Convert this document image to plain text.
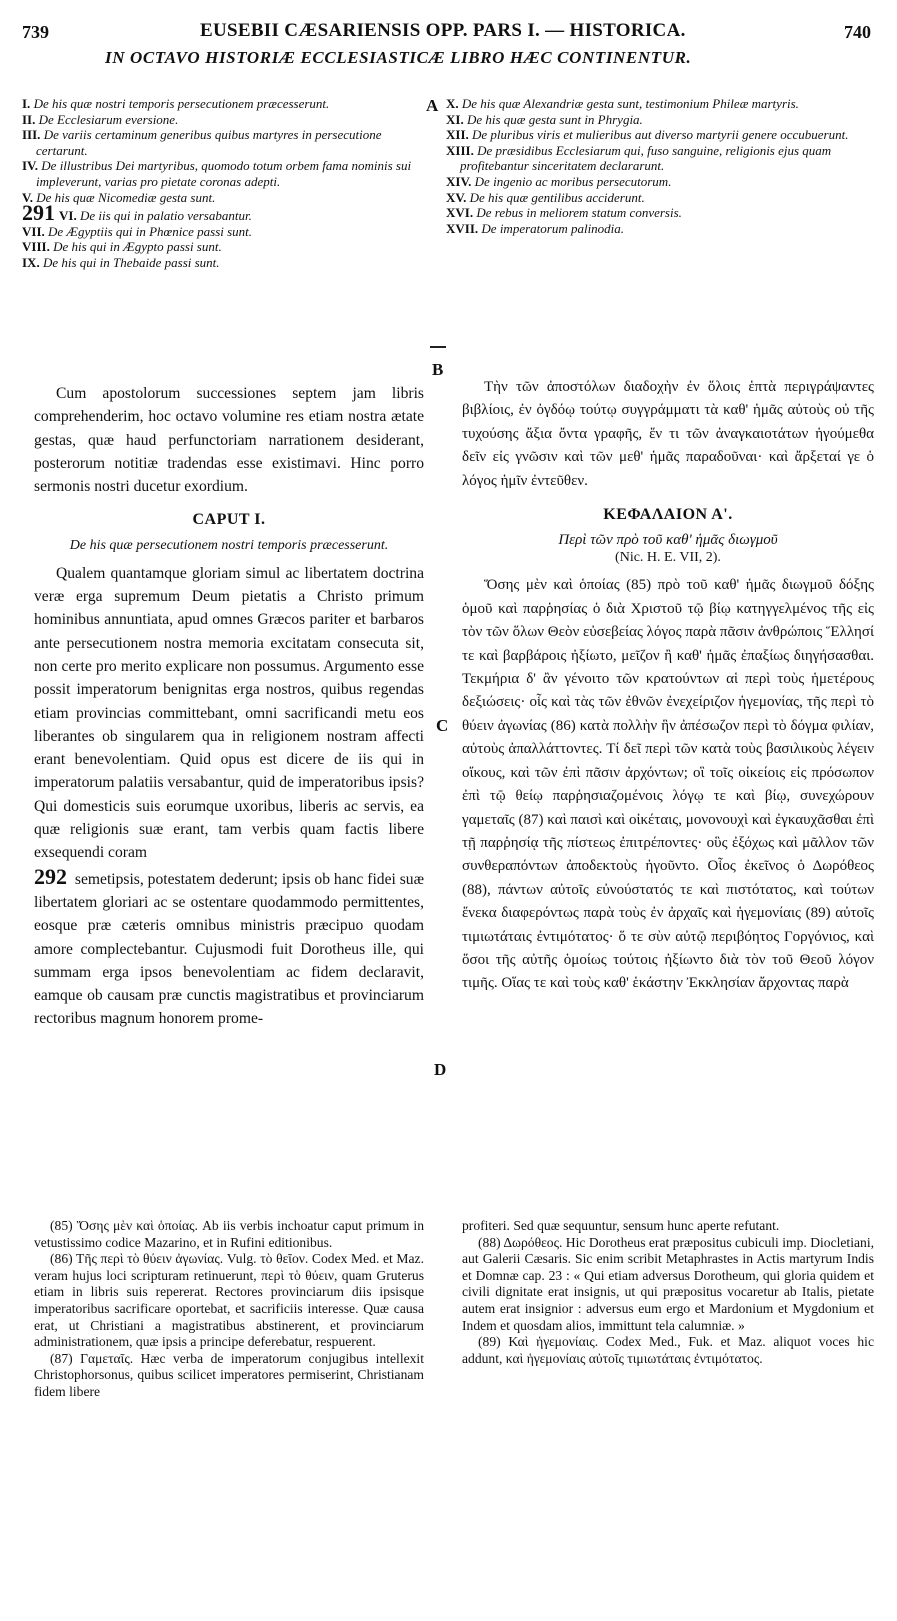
739	EUSEBII CÆSARIENSIS OPP. PARS I. — HISTORICA.	740
IN OCTAVO HISTORIÆ ECCLESIASTICÆ LIBRO HÆC CONTINENTUR.
I. De his quæ nostri temporis persecutionem præcesserunt.
II. De Ecclesiarum eversione.
III. De variis certaminum generibus quibus martyres in persecutione certarunt.
IV. De illustribus Dei martyribus, quomodo totum orbem fama nominis sui impleverunt, varias pro pietate coronas adepti.
V. De his quæ Nicomediæ gesta sunt.
291 VI. De iis qui in palatio versabantur.
VII. De Ægyptiis qui in Phœnice passi sunt.
VIII. De his qui in Ægypto passi sunt.
IX. De his qui in Thebaide passi sunt.
A X. De his quæ Alexandriæ gesta sunt, testimonium Phileæ martyris.
XI. De his quæ gesta sunt in Phrygia.
XII. De pluribus viris et mulieribus aut diverso martyrii genere occubuerunt.
XIII. De præsidibus Ecclesiarum qui, fuso sanguine, religionis ejus quam profitebantur sinceritatem declararunt.
XIV. De ingenio ac moribus persecutorum.
XV. De his quæ gentilibus acciderunt.
XVI. De rebus in meliorem statum conversis.
XVII. De imperatorum palinodia.
B

Cum apostolorum successiones septem jam libris comprehenderim, hoc octavo volumine res etiam nostra ætate gestas, quæ haud perfunctoriam narrationem desiderant, posterorum notitiæ tradendas esse existimavi. Hinc porro sermonis nostri ducetur exordium.

CAPUT I.
De his quæ persecutionem nostri temporis præcesserunt.

Qualem quantamque gloriam simul ac libertatem doctrina veræ erga supremum Deum pietatis a Christo primum hominibus annuntiata, apud omnes Græcos pariter et barbaros ante persecutionem nostra memoria excitatam consecuta sit, non certe pro merito explicare non possumus. Argumento esse possit imperatorum benignitas erga nostros, quibus regendas etiam provincias committebant, omni sacrificandi metu eos liberantes ob singularem qua in religionem nostram affecti erant benevolentiam. Quid opus est dicere de iis qui in imperatorum palatiis versabantur, quid de imperatoribus ipsis? Qui domesticis suis eorumque uxoribus, liberis ac servis, ea quæ religionis suæ erant, tam verbis quam factis libere exsequendi coram

292 semetipsis, potestatem dederunt; ipsis ob hanc fidei suæ libertatem gloriari ac se ostentare quodammodo permittentes, eosque præ cæteris omnibus ministris præcipuo quodam amore complectebantur. Cujusmodi fuit Dorotheus ille, qui summam erga ipsos benevolentiam ac fidem declaravit, eamque ob causam præ cunctis magistratibus et provinciarum rectoribus magnum honorem prome-

C
D

Τὴν τῶν ἀποστόλων διαδοχὴν ἐν ὅλοις ἑπτὰ περιγράψαντες βιβλίοις, ἐν ὀγδόῳ τούτῳ συγγράμματι τὰ καθ' ἡμᾶς αὐτοὺς οὐ τῆς τυχούσης ἄξια ὄντα γραφῆς, ἕν τι τῶν ἀναγκαιοτάτων ἡγούμεθα δεῖν εἰς γνῶσιν καὶ τῶν μεθ' ἡμᾶς παραδοῦναι· καὶ ἄρξεταί γε ὁ λόγος ἡμῖν ἐντεῦθεν.

ΚΕΦΑΛΑΙΟΝ Α'.
Περὶ τῶν πρὸ τοῦ καθ' ἡμᾶς διωγμοῦ
(Nic. H. E. VII, 2).

Ὅσης μὲν καὶ ὁποίας (85) πρὸ τοῦ καθ' ἡμᾶς διωγμοῦ δόξης ὁμοῦ καὶ παρῥησίας ὁ διὰ Χριστοῦ τῷ βίῳ κατηγγελμένος τῆς εἰς τὸν τῶν ὅλων Θεὸν εὐσεβείας λόγος παρὰ πᾶσιν ἀνθρώποις Ἕλλησί τε καὶ βαρβάροις ἠξίωτο, μεῖζον ἢ καθ' ἡμᾶς ἐπαξίως διηγήσασθαι. Τεκμήρια δ' ἂν γένοιτο τῶν κρατούντων αἱ περὶ τοὺς ἡμετέρους δεξιώσεις· οἷς καὶ τὰς τῶν ἐθνῶν ἐνεχείριζον ἡγεμονίας, τῆς περὶ τὸ θύειν ἀγωνίας (86) κατὰ πολλὴν ἣν ἀπέσωζον περὶ τὸ δόγμα φιλίαν, αὐτοὺς ἀπαλλάττοντες. Τί δεῖ περὶ τῶν κατὰ τοὺς βασιλικοὺς λέγειν οἴκους, καὶ τῶν ἐπὶ πᾶσιν ἀρχόντων; οἳ τοῖς οἰκείοις εἰς πρόσωπον ἐπὶ τῷ θείῳ παρῥησιαζομένοις λόγῳ τε καὶ βίῳ, συνεχώρουν γαμεταῖς (87) καὶ παισὶ καὶ οἰκέταις, μονονουχὶ καὶ ἐγκαυχᾶσθαι ἐπὶ τῇ παρῥησίᾳ τῆς πίστεως ἐπιτρέποντες· οὓς ἐξόχως καὶ μᾶλλον τῶν συνθεραπόντων ἀποδεκτοὺς ἡγοῦντο. Οἷος ἐκεῖνος ὁ Δωρόθεος (88), πάντων αὐτοῖς εὐνούστατός τε καὶ πιστότατος, καὶ τούτων ἕνεκα διαφερόντως παρὰ τοὺς ἐν ἀρχαῖς καὶ ἡγεμονίαις (89) αὐτοῖς τιμιωτάταις ἐντιμότατος· ὅ τε σὺν αὐτῷ περιβόητος Γοργόνιος, καὶ ὅσοι τῆς αὐτῆς ὁμοίως τούτοις ἠξίωντο διὰ τὸν τοῦ Θεοῦ λόγον τιμῆς. Οἵας τε καὶ τοὺς καθ' ἑκάστην Ἐκκλησίαν ἄρχοντας παρὰ

(85) Ὅσης μὲν καὶ ὁποίας. Ab iis verbis inchoatur caput primum in vetustissimo codice Mazarino, et in Rufini editionibus.

(86) Τῆς περὶ τὸ θύειν ἀγωνίας. Vulg. τὸ θεῖον. Codex Med. et Maz. veram hujus loci scripturam retinuerunt, περὶ τὸ θύειν, quam Gruterus etiam in libris suis repererat. Rectores provinciarum diis ipsisque imperatoribus sacrificare oportebat, et sacrificiis interesse. Quæ causa erat, ut Christiani a magistratibus abstinerent, et provinciarum administrationem, quæ ipsis a principe deferebatur, respuerent.

(87) Γαμεταῖς. Hæc verba de imperatorum conjugibus intellexit Christophorsonus, quibus scilicet imperatores permiserint, Christianam fidem libere

profiteri. Sed quæ sequuntur, sensum hunc aperte refutant.

(88) Δωρόθεος. Hic Dorotheus erat præpositus cubiculi imp. Diocletiani, aut Galerii Cæsaris. Sic enim scribit Metaphrastes in Actis martyrum Indis et Domnæ cap. 23 : « Qui etiam adversus Dorotheum, qui gloria quidem et civili dignitate erat insignis, ut qui præpositus vocaretur ab Italis, pietate autem erat insignior : adversus eum ergo et Mardonium et Mygdonium et Indem et quosdam alios, immittunt tela calumniæ. »

(89) Καὶ ἡγεμονίαις. Codex Med., Fuk. et Maz. aliquot voces hic addunt, καὶ ἡγεμονίαις αὐτοῖς τιμιωτάταις ἐντιμότατος.
